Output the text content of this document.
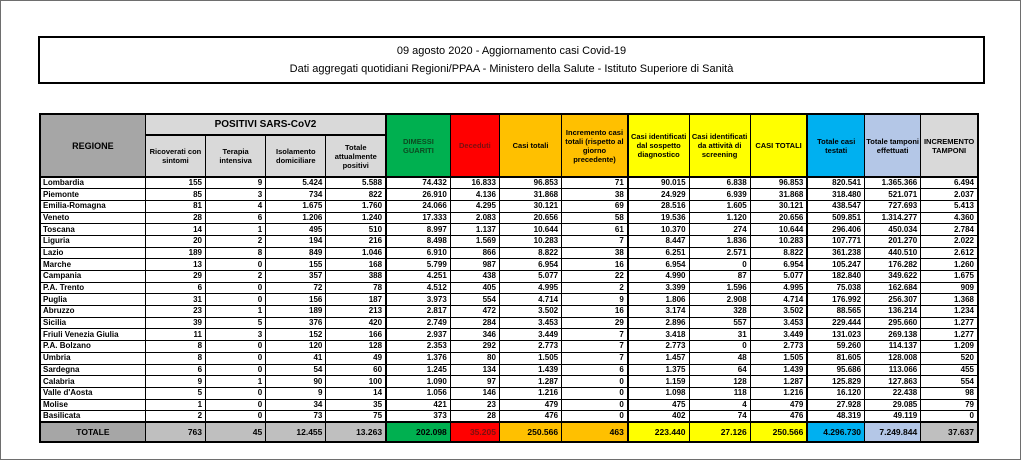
09 agosto 2020 - Aggiornamento casi Covid-19
Dati aggregati quotidiani Regioni/PPAA - Ministero della Salute - Istituto Superiore di Sanità
REGIONE	POSITIVI SARS-CoV2				DIMESSI GUARITI	Deceduti	Casi totali	Incremento casi totali (rispetto al giorno precedente)	Casi identificati dal sospetto diagnostico	Casi identificati da attività di screening	CASI TOTALI	Totale casi testati	Totale tamponi effettuati	INCREMENTO TAMPONI
	Ricoverati con sintomi	Terapia intensiva	Isolamento domiciliare	Totale attualmente positivi										
Lombardia	155	9	5.424	5.588	74.432	16.833	96.853	71	90.015	6.838	96.853	820.541	1.365.366	6.494
Piemonte	85	3	734	822	26.910	4.136	31.868	38	24.929	6.939	31.868	318.480	521.071	2.037
Emilia-Romagna	81	4	1.675	1.760	24.066	4.295	30.121	69	28.516	1.605	30.121	438.547	727.693	5.413
Veneto	28	6	1.206	1.240	17.333	2.083	20.656	58	19.536	1.120	20.656	509.851	1.314.277	4.360
Toscana	14	1	495	510	8.997	1.137	10.644	61	10.370	274	10.644	296.406	450.034	2.784
Liguria	20	2	194	216	8.498	1.569	10.283	7	8.447	1.836	10.283	107.771	201.270	2.022
Lazio	189	8	849	1.046	6.910	866	8.822	38	6.251	2.571	8.822	361.238	440.510	2.612
Marche	13	0	155	168	5.799	987	6.954	16	6.954	0	6.954	105.247	176.282	1.260
Campania	29	2	357	388	4.251	438	5.077	22	4.990	87	5.077	182.840	349.622	1.675
P.A. Trento	6	0	72	78	4.512	405	4.995	2	3.399	1.596	4.995	75.038	162.684	909
Puglia	31	0	156	187	3.973	554	4.714	9	1.806	2.908	4.714	176.992	256.307	1.368
Abruzzo	23	1	189	213	2.817	472	3.502	16	3.174	328	3.502	88.565	136.214	1.234
Sicilia	39	5	376	420	2.749	284	3.453	29	2.896	557	3.453	229.444	295.660	1.277
Friuli Venezia Giulia	11	3	152	166	2.937	346	3.449	7	3.418	31	3.449	131.023	269.138	1.277
P.A. Bolzano	8	0	120	128	2.353	292	2.773	7	2.773	0	2.773	59.260	114.137	1.209
Umbria	8	0	41	49	1.376	80	1.505	7	1.457	48	1.505	81.605	128.008	520
Sardegna	6	0	54	60	1.245	134	1.439	6	1.375	64	1.439	95.686	113.066	455
Calabria	9	1	90	100	1.090	97	1.287	0	1.159	128	1.287	125.829	127.863	554
Valle d'Aosta	5	0	9	14	1.056	146	1.216	0	1.098	118	1.216	16.120	22.438	98
Molise	1	0	34	35	421	23	479	0	475	4	479	27.928	29.085	79
Basilicata	2	0	73	75	373	28	476	0	402	74	476	48.319	49.119	0
TOTALE	763	45	12.455	13.263	202.098	35.205	250.566	463	223.440	27.126	250.566	4.296.730	7.249.844	37.637
